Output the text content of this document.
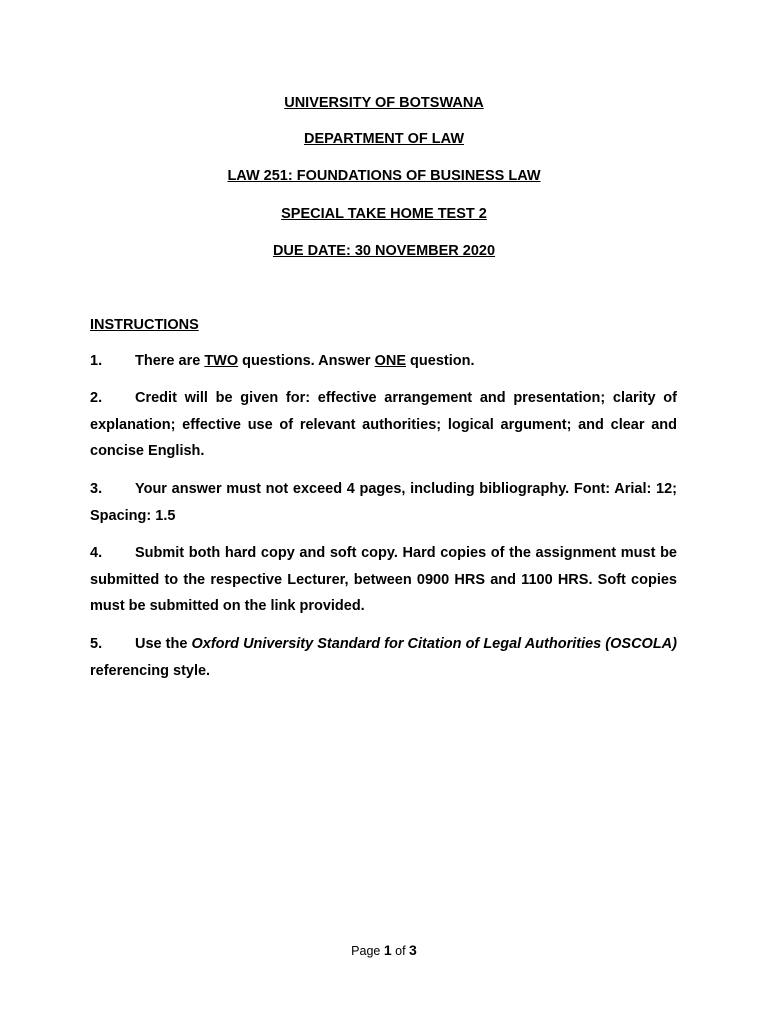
UNIVERSITY OF BOTSWANA
DEPARTMENT OF LAW
LAW 251: FOUNDATIONS OF BUSINESS LAW
SPECIAL TAKE HOME TEST 2
DUE DATE: 30 NOVEMBER 2020
INSTRUCTIONS
1. There are TWO questions. Answer ONE question.
2. Credit will be given for: effective arrangement and presentation; clarity of explanation; effective use of relevant authorities; logical argument; and clear and concise English.
3. Your answer must not exceed 4 pages, including bibliography. Font: Arial: 12; Spacing: 1.5
4. Submit both hard copy and soft copy. Hard copies of the assignment must be submitted to the respective Lecturer, between 0900 HRS and 1100 HRS. Soft copies must be submitted on the link provided.
5. Use the Oxford University Standard for Citation of Legal Authorities (OSCOLA) referencing style.
Page 1 of 3
